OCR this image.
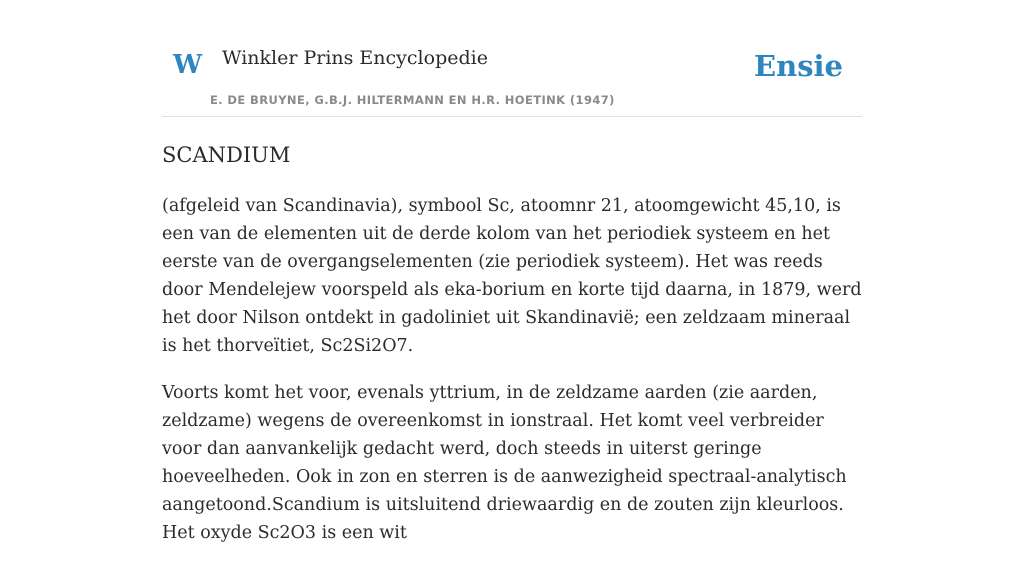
W Winkler Prins Encyclopedie
E. DE BRUYNE, G.B.J. HILTERMANN EN H.R. HOETINK (1947)
Ensie
SCANDIUM

(afgeleid van Scandinavia), symbool Sc, atoomnr 21, atoomgewicht 45,10, is een van de elementen uit de derde kolom van het periodiek systeem en het eerste van de overgangselementen (zie periodiek systeem). Het was reeds door Mendelejew voorspeld als eka-borium en korte tijd daarna, in 1879, werd het door Nilson ontdekt in gadoliniet uit Skandinavië; een zeldzaam mineraal is het thorveïtiet, Sc2Si2O7.

Voorts komt het voor, evenals yttrium, in de zeldzame aarden (zie aarden, zeldzame) wegens de overeenkomst in ionstraal. Het komt veel verbreider voor dan aanvankelijk gedacht werd, doch steeds in uiterst geringe hoeveelheden. Ook in zon en sterren is de aanwezigheid spectraal-analytisch aangetoond.Scandium is uitsluitend driewaardig en de zouten zijn kleurloos. Het oxyde Sc2O3 is een wit
